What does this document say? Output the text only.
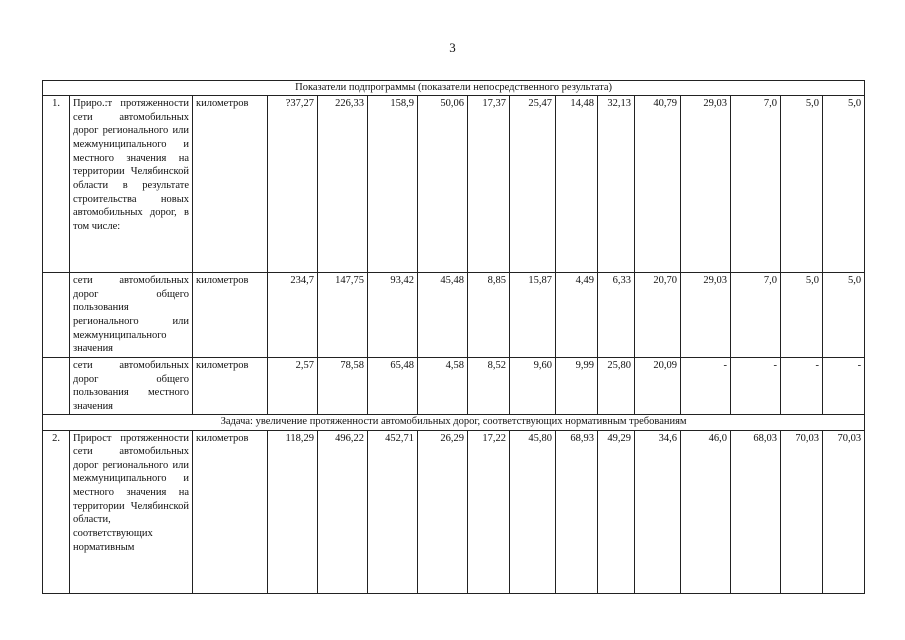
3
Показатели подпрограммы (показатели непосредственного результата)															
1.	Приро.:т протяженности сети автомобильных дорог регионального или межмуниципального и местного значения на территории Челябинской области в результате строительства новых автомобильных дорог, в том числе:	километров	?37,27	226,33	158,9	50,06	17,37	25,47	14,48	32,13	40,79	29,03	7,0	5,0	5,0
	сети автомобильных дорог общего пользования регионального или межмуниципального значения	километров	234,7	147,75	93,42	45,48	8,85	15,87	4,49	6,33	20,70	29,03	7,0	5,0	5,0
	сети автомобильных дорог общего пользования местного значения	километров	2,57	78,58	65,48	4,58	8,52	9,60	9,99	25,80	20,09	-	-	-	-
Задача: увеличение протяженности автомобильных дорог, соответствующих нормативным требованиям															
2.	Прирост протяженности сети автомобильных дорог регионального или межмуниципального и местного значения на территории Челябинской области, соответствующих нормативным	километров	118,29	496,22	452,71	26,29	17,22	45,80	68,93	49,29	34,6	46,0	68,03	70,03	70,03
